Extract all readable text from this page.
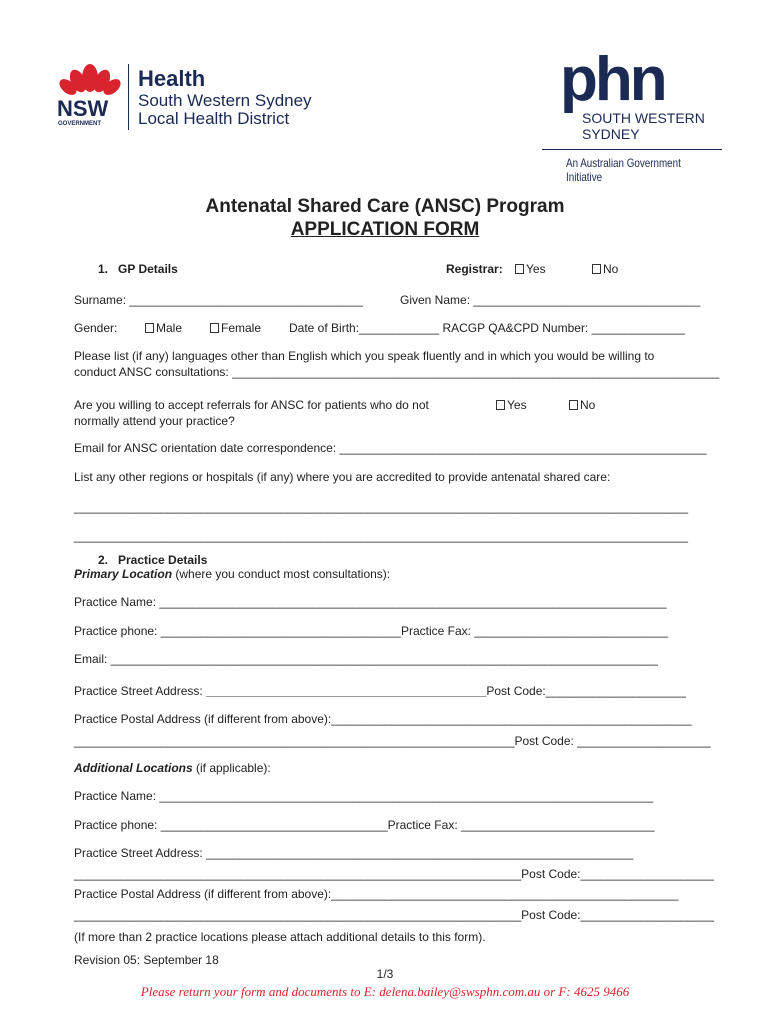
NSW
GOVERNMENT
Health
South Western Sydney
Local Health District
phn
SOUTH WESTERN
SYDNEY
An Australian Government Initiative
Antenatal Shared Care (ANSC) Program
APPLICATION FORM
1.   GP Details	Registrar:	Yes	No
Surname: ___________________________________	Given Name: __________________________________
Gender:	Male	Female Date of Birth:____________ RACGP QA&CPD Number: ______________
Please list (if any) languages other than English which you speak fluently and in which you would be willing to
conduct ANSC consultations: _________________________________________________________________________
Are you willing to accept referrals for ANSC for patients who do not
normally attend your practice?
Yes	No
Email for ANSC orientation date correspondence: _______________________________________________________
List any other regions or hospitals (if any) where you are accredited to provide antenatal shared care:
____________________________________________________________________________________________
____________________________________________________________________________________________
2.   Practice Details
Primary Location (where you conduct most consultations):
Practice Name: ____________________________________________________________________________
Practice phone: ____________________________________Practice Fax: _____________________________
Email: __________________________________________________________________________________
Practice Street Address: __________________________________________Post Code:_____________________
Practice Postal Address (if different from above):______________________________________________________
__________________________________________________________________Post Code: ____________________
Additional Locations (if applicable):
Practice Name: __________________________________________________________________________
Practice phone: __________________________________Practice Fax: _____________________________
Practice Street Address: ________________________________________________________________
___________________________________________________________________Post Code:____________________
Practice Postal Address (if different from above):____________________________________________________
___________________________________________________________________Post Code:____________________
(If more than 2 practice locations please attach additional details to this form).
Revision 05: September 18
1/3
Please return your form and documents to E: delena.bailey@swsphn.com.au or F: 4625 9466
